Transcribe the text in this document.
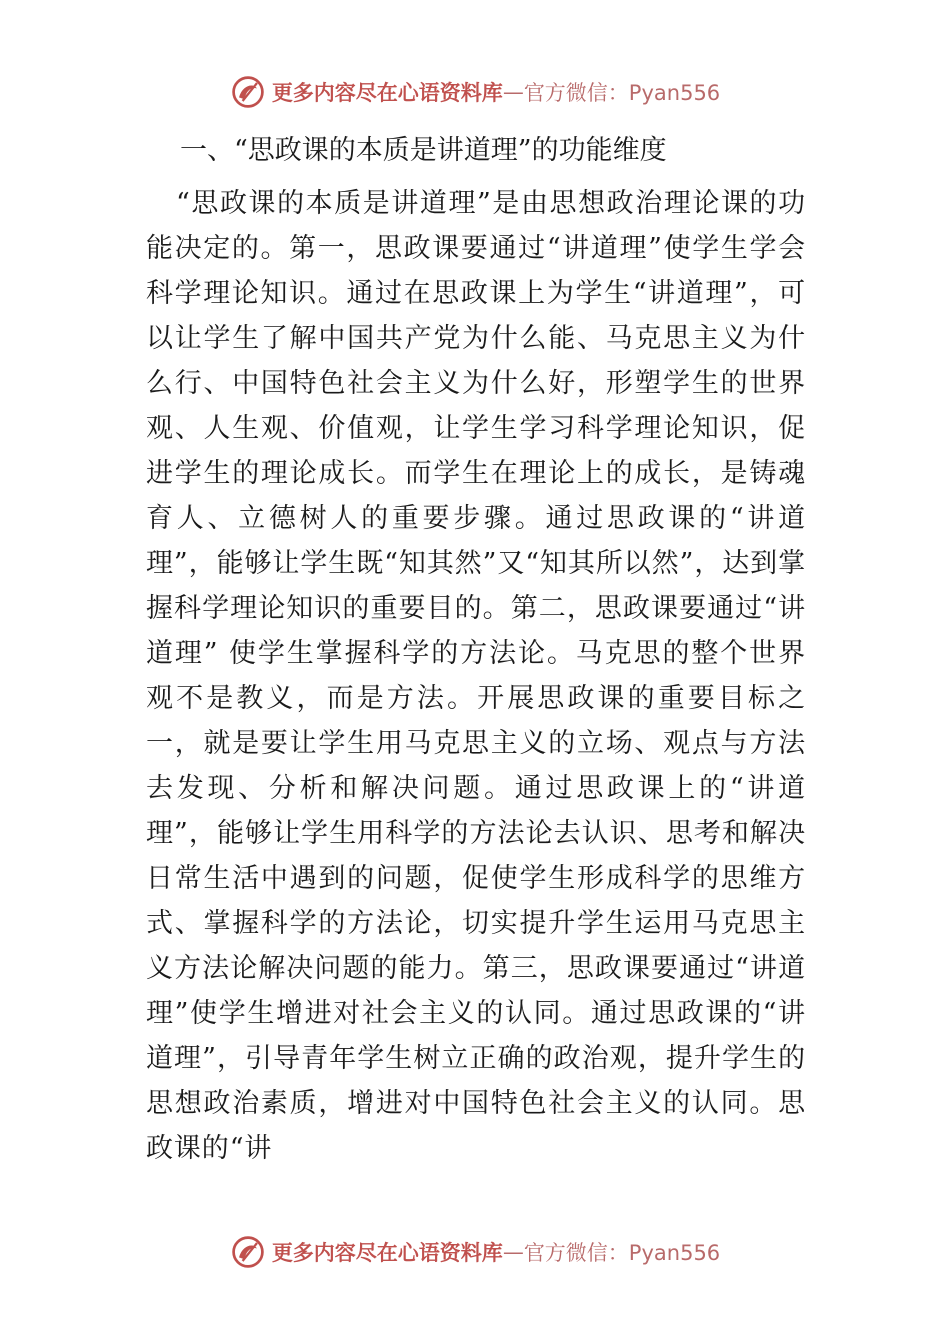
更多内容尽在心语资料库 — 官方微信：Pyan556
一、“思政课的本质是讲道理”的功能维度

“思政课的本质是讲道理”是由思想政治理论课的功能决定的。第一，思政课要通过“讲道理”使学生学会科学理论知识。通过在思政课上为学生“讲道理”，可以让学生了解中国共产党为什么能、马克思主义为什么行、中国特色社会主义为什么好，形塑学生的世界观、人生观、价值观，让学生学习科学理论知识，促进学生的理论成长。而学生在理论上的成长，是铸魂育人、立德树人的重要步骤。通过思政课的“讲道理”，能够让学生既“知其然”又“知其所以然”，达到掌握科学理论知识的重要目的。第二，思政课要通过“讲道理” 使学生掌握科学的方法论。马克思的整个世界观不是教义，而是方法。开展思政课的重要目标之一，就是要让学生用马克思主义的立场、观点与方法去发现、分析和解决问题。通过思政课上的“讲道理”，能够让学生用科学的方法论去认识、思考和解决日常生活中遇到的问题，促使学生形成科学的思维方式、掌握科学的方法论，切实提升学生运用马克思主义方法论解决问题的能力。第三，思政课要通过“讲道理”使学生增进对社会主义的认同。通过思政课的“讲道理”，引导青年学生树立正确的政治观，提升学生的思想政治素质，增进对中国特色社会主义的认同。思政课的“讲

更多内容尽在心语资料库 — 官方微信：Pyan556
